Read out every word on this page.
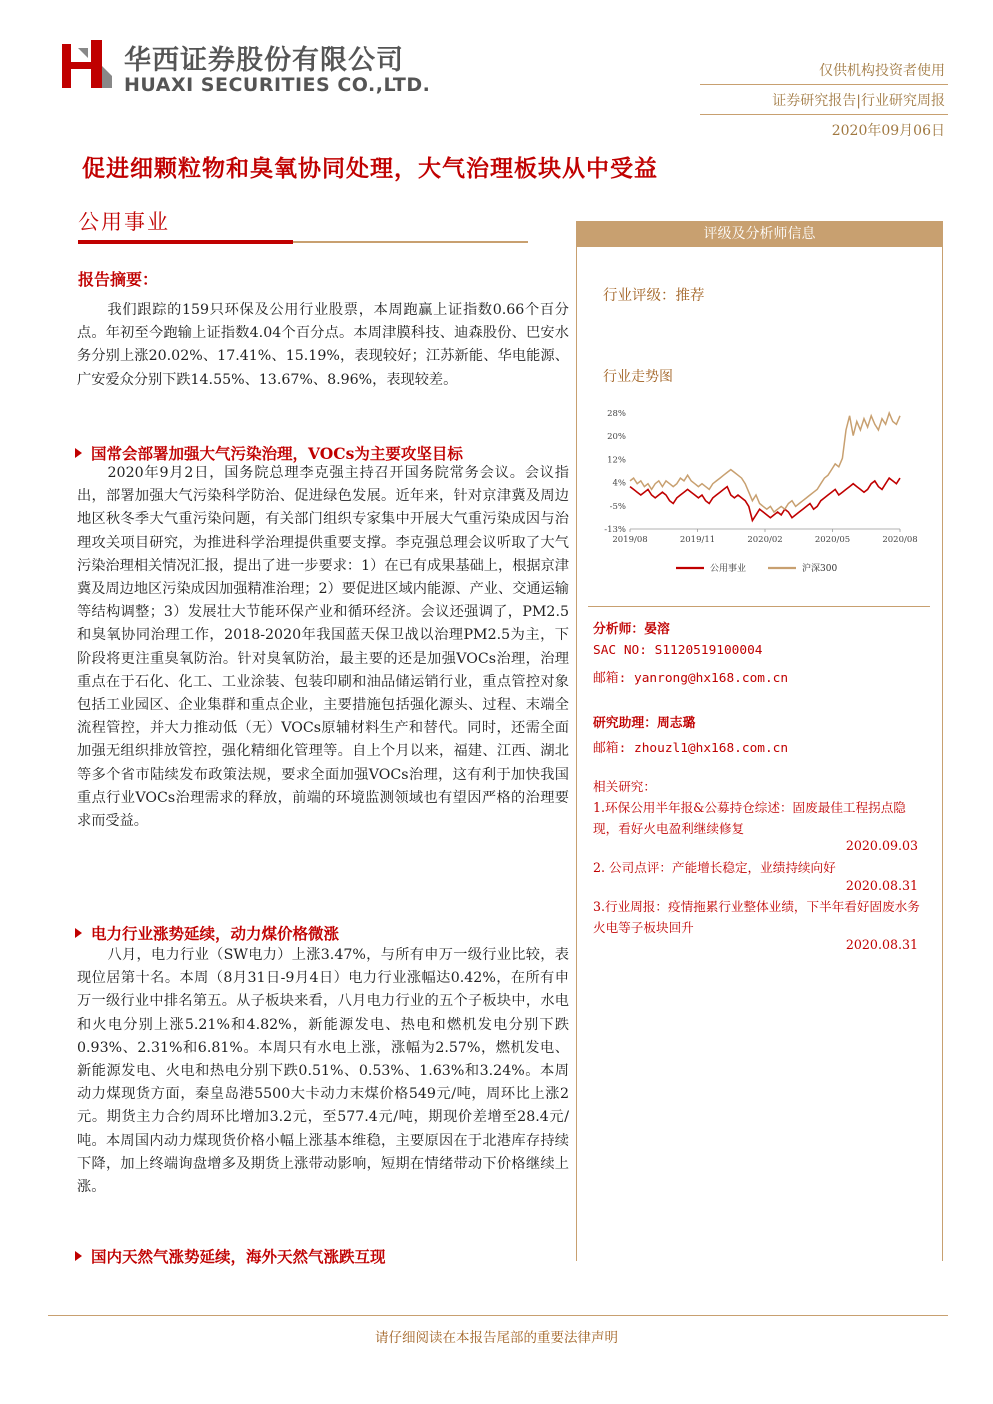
华西证券股份有限公司
HUAXI SECURITIES CO.,LTD.
仅供机构投资者使用
证券研究报告|行业研究周报
2020年09月06日
促进细颗粒物和臭氧协同处理，大气治理板块从中受益
公用事业
报告摘要：

我们跟踪的159只环保及公用行业股票，本周跑赢上证指数0.66个百分点。年初至今跑输上证指数4.04个百分点。本周津膜科技、迪森股份、巴安水务分别上涨20.02%、17.41%、15.19%，表现较好；江苏新能、华电能源、广安爱众分别下跌14.55%、13.67%、8.96%，表现较差。

国常会部署加强大气污染治理，VOCs为主要攻坚目标

2020年9月2日，国务院总理李克强主持召开国务院常务会议。会议指出，部署加强大气污染科学防治、促进绿色发展。近年来，针对京津冀及周边地区秋冬季大气重污染问题，有关部门组织专家集中开展大气重污染成因与治理攻关项目研究，为推进科学治理提供重要支撑。李克强总理会议听取了大气污染治理相关情况汇报，提出了进一步要求：1）在已有成果基础上，根据京津冀及周边地区污染成因加强精准治理；2）要促进区域内能源、产业、交通运输等结构调整；3）发展壮大节能环保产业和循环经济。会议还强调了，PM2.5和臭氧协同治理工作，2018-2020年我国蓝天保卫战以治理PM2.5为主，下阶段将更注重臭氧防治。针对臭氧防治，最主要的还是加强VOCs治理，治理重点在于石化、化工、工业涂装、包装印刷和油品储运销行业，重点管控对象包括工业园区、企业集群和重点企业，主要措施包括强化源头、过程、末端全流程管控，并大力推动低（无）VOCs原辅材料生产和替代。同时，还需全面加强无组织排放管控，强化精细化管理等。自上个月以来，福建、江西、湖北等多个省市陆续发布政策法规，要求全面加强VOCs治理，这有利于加快我国重点行业VOCs治理需求的释放，前端的环境监测领域也有望因严格的治理要求而受益。

电力行业涨势延续，动力煤价格微涨

八月，电力行业（SW电力）上涨3.47%，与所有申万一级行业比较，表现位居第十名。本周（8月31日-9月4日）电力行业涨幅达0.42%，在所有申万一级行业中排名第五。从子板块来看，八月电力行业的五个子板块中，水电和火电分别上涨5.21%和4.82%，新能源发电、热电和燃机发电分别下跌0.93%、2.31%和6.81%。本周只有水电上涨，涨幅为2.57%，燃机发电、新能源发电、火电和热电分别下跌0.51%、0.53%、1.63%和3.24%。本周动力煤现货方面，秦皇岛港5500大卡动力末煤价格549元/吨，周环比上涨2元。期货主力合约周环比增加3.2元，至577.4元/吨，期现价差增至28.4元/吨。本周国内动力煤现货价格小幅上涨基本维稳，主要原因在于北港库存持续下降，加上终端询盘增多及期货上涨带动影响，短期在情绪带动下价格继续上涨。

国内天然气涨势延续，海外天然气涨跌互现
评级及分析师信息
行业评级：推荐
行业走势图
28%
20%
12%
4%
-5%
-13%
2019/08	2019/11	2020/02	2020/05	2020/08
公用事业	沪深300
分析师：晏溶
SAC NO: S1120519100004
邮箱: yanrong@hx168.com.cn
研究助理：周志璐
邮箱: zhouzl1@hx168.com.cn
相关研究：
1.环保公用半年报&公募持仓综述：固废最佳工程拐点隐现，看好火电盈利继续修复
2020.09.03
2. 公司点评：产能增长稳定，业绩持续向好
2020.08.31
3.行业周报：疫情拖累行业整体业绩，下半年看好固废水务火电等子板块回升
2020.08.31
请仔细阅读在本报告尾部的重要法律声明
